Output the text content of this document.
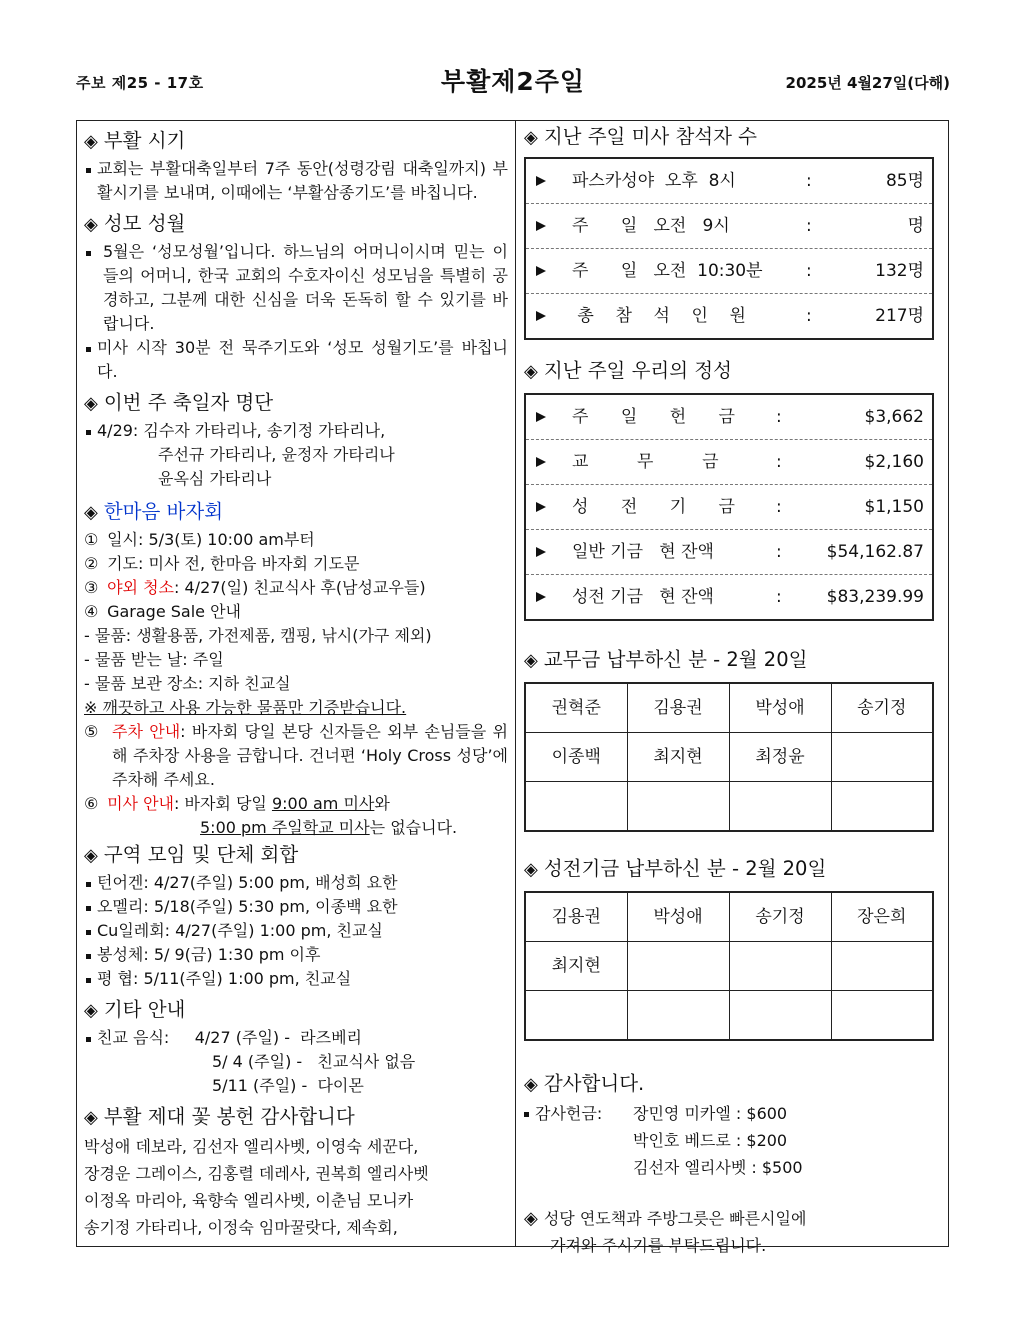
주보 제25 - 17호	부활제2주일	2025년 4월27일(다해)
◈ 부활 시기
교회는 부활대축일부터 7주 동안(성령강림 대축일까지) 부활시기를 보내며, 이때에는 ‘부활삼종기도’를 바칩니다.
◈ 성모 성월
5월은 ‘성모성월’입니다. 하느님의 어머니이시며 믿는 이들의 어머니, 한국 교회의 수호자이신 성모님을 특별히 공경하고, 그분께 대한 신심을 더욱 돈독히 할 수 있기를 바랍니다.
미사 시작 30분 전 묵주기도와 ‘성모 성월기도’를 바칩니다.
◈ 이번 주 축일자 명단
4/29: 김수자 가타리나, 송기정 가타리나,
주선규 가타리나, 윤정자 가타리나
윤옥심 가타리나
◈ 한마음 바자회
① 일시: 5/3(토) 10:00 am부터
② 기도: 미사 전, 한마음 바자회 기도문
③ 야외 청소: 4/27(일) 친교식사 후(남성교우들)
④ Garage Sale 안내
- 물품: 생활용품, 가전제품, 캠핑, 낚시(가구 제외)
- 물품 받는 날: 주일
- 물품 보관 장소: 지하 친교실
※ 깨끗하고 사용 가능한 물품만 기증받습니다.
⑤ 주차 안내: 바자회 당일 본당 신자들은 외부 손님들을 위해 주차장 사용을 금합니다. 건너편 ‘Holy Cross 성당’에 주차해 주세요.
⑥ 미사 안내: 바자회 당일 9:00 am 미사와
5:00 pm 주일학교 미사는 없습니다.
◈ 구역 모임 및 단체 회합
턴어겐: 4/27(주일) 5:00 pm, 배성희 요한
오멜리: 5/18(주일) 5:30 pm, 이종백 요한
Cu일레회: 4/27(주일) 1:00 pm, 친교실
봉성체: 5/ 9(금) 1:30 pm 이후
평 협: 5/11(주일) 1:00 pm, 친교실
◈ 기타 안내
친교 음식:     4/27 (주일) -  라즈베리
5/ 4 (주일) -   친교식사 없음
5/11 (주일) -  다이몬
◈ 부활 제대 꽃 봉헌 감사합니다
박성애 데보라, 김선자 엘리사벳, 이영숙 세꾼다,
장경운 그레이스, 김홍렬 데레사, 권복희 엘리사벳
이정옥 마리아, 육향숙 엘리사벳, 이춘님 모니카
송기정 가타리나, 이정숙 임마꿀랏다, 제속회,
◈ 지난 주일 미사 참석자 수
파스카성야  오후  8시	:	85명
주      일   오전   9시	:	명
주      일   오전  10:30분	:	132명
총    참    석    인    원	:	217명
◈ 지난 주일 우리의 정성
주      일      헌      금 :	$3,662
교         무         금	:	$2,160
성      전      기      금 :	$1,150
일반 기금   현 잔액	:	$54,162.87
성전 기금   현 잔액	:	$83,239.99
◈ 교무금 납부하신 분 - 2월 20일
권혁준	김용권	박성애	송기정
이종백	최지현	최정윤	

◈ 성전기금 납부하신 분 - 2월 20일
김용권	박성애	송기정	장은희
최지현			

◈ 감사합니다.
감사헌금:	장민영 미카엘 : $600
박인호 베드로 : $200
김선자 엘리사벳 : $500
◈ 성당 연도책과 주방그릇은 빠른시일에
가져와 주시기를 부탁드립니다.
